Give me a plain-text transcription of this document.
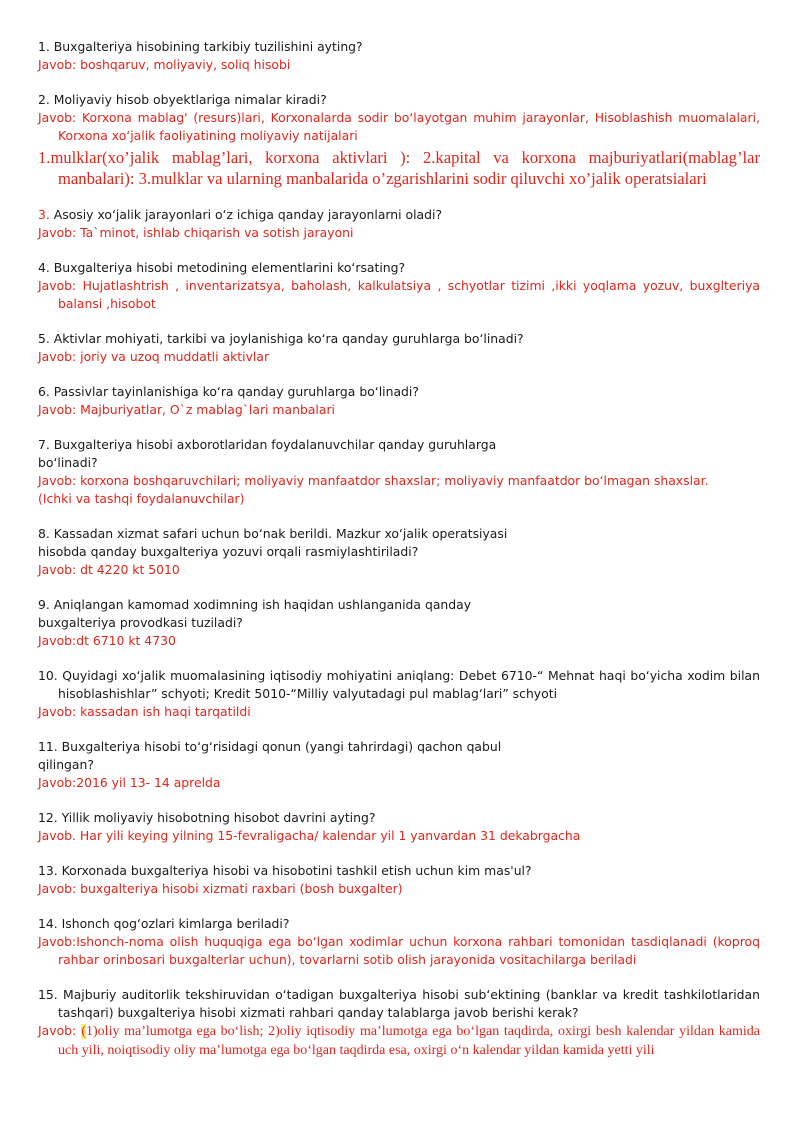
1. Buxgalteriya hisobining tarkibiy tuzilishini ayting?

Javob: boshqaruv, moliyaviy, soliq hisobi

2. Moliyaviy hisob obyektlariga nimalar kiradi?

Javob: Korxona mablag' (resurs)lari, Korxonalarda sodir bo‘layotgan muhim jarayonlar, Hisoblashish muomalalari, Korxona xo‘jalik faoliyatining moliyaviy natijalari

1.mulklar(xo’jalik mablag’lari, korxona aktivlari ): 2.kapital va korxona majburiyatlari(mablag’lar manbalari): 3.mulklar va ularning manbalarida o’zgarishlarini sodir qiluvchi xo’jalik operatsialari

3. Asosiy xo‘jalik jarayonlari o‘z ichiga qanday jarayonlarni oladi?

Javob: Ta`minot, ishlab chiqarish va sotish jarayoni

4. Buxgalteriya hisobi metodining elementlarini ko‘rsating?

Javob: Hujatlashtrish , inventarizatsya, baholash, kalkulatsiya , schyotlar tizimi ,ikki yoqlama yozuv, buxglteriya balansi ,hisobot

5. Aktivlar mohiyati, tarkibi va joylanishiga ko‘ra qanday guruhlarga bo‘linadi?

Javob: joriy va uzoq muddatli aktivlar

6. Passivlar tayinlanishiga ko‘ra qanday guruhlarga bo‘linadi?

Javob: Majburiyatlar, O`z mablag`lari manbalari

7. Buxgalteriya hisobi axborotlaridan foydalanuvchilar qanday guruhlarga

bo‘linadi?

Javob: korxona boshqaruvchilari; moliyaviy manfaatdor shaxslar; moliyaviy manfaatdor bo‘lmagan shaxslar.

(Ichki va tashqi foydalanuvchilar)

8. Kassadan xizmat safari uchun bo‘nak berildi. Mazkur xo‘jalik operatsiyasi

hisobda qanday buxgalteriya yozuvi orqali rasmiylashtiriladi?

Javob: dt 4220 kt 5010

9. Aniqlangan kamomad xodimning ish haqidan ushlanganida qanday

buxgalteriya provodkasi tuziladi?

Javob:dt 6710 kt 4730

10. Quyidagi xo‘jalik muomalasining iqtisodiy mohiyatini aniqlang: Debet 6710-“ Mehnat haqi bo‘yicha xodim bilan hisoblashishlar” schyoti; Kredit 5010-“Milliy valyutadagi pul mablag‘lari” schyoti

Javob: kassadan ish haqi tarqatildi

11. Buxgalteriya hisobi to‘g‘risidagi qonun (yangi tahrirdagi) qachon qabul

qilingan?

Javob:2016 yil 13- 14 aprelda

12. Yillik moliyaviy hisobotning hisobot davrini ayting?

Javob. Har yili keying yilning 15-fevraligacha/ kalendar yil 1 yanvardan 31 dekabrgacha

13. Korxonada buxgalteriya hisobi va hisobotini tashkil etish uchun kim mas'ul?

Javob: buxgalteriya hisobi xizmati raxbari (bosh buxgalter)

14. Ishonch qog‘ozlari kimlarga beriladi?

Javob:Ishonch-noma olish huquqiga ega bo‘lgan xodimlar uchun korxona rahbari tomonidan tasdiqlanadi (koproq rahbar orinbosari buxgalterlar uchun), tovarlarni sotib olish jarayonida vositachilarga beriladi

15. Majburiy auditorlik tekshiruvidan o‘tadigan buxgalteriya hisobi sub‘ektining (banklar va kredit tashkilotlaridan tashqari) buxgalteriya hisobi xizmati rahbari qanday talablarga javob berishi kerak?

Javob: (1)oliy ma’lumotga ega bo‘lish; 2)oliy iqtisodiy ma’lumotga ega bo‘lgan taqdirda, oxirgi besh kalendar yildan kamida uch yili, noiqtisodiy oliy ma’lumotga ega bo‘lgan taqdirda esa, oxirgi o‘n kalendar yildan kamida yetti yili
